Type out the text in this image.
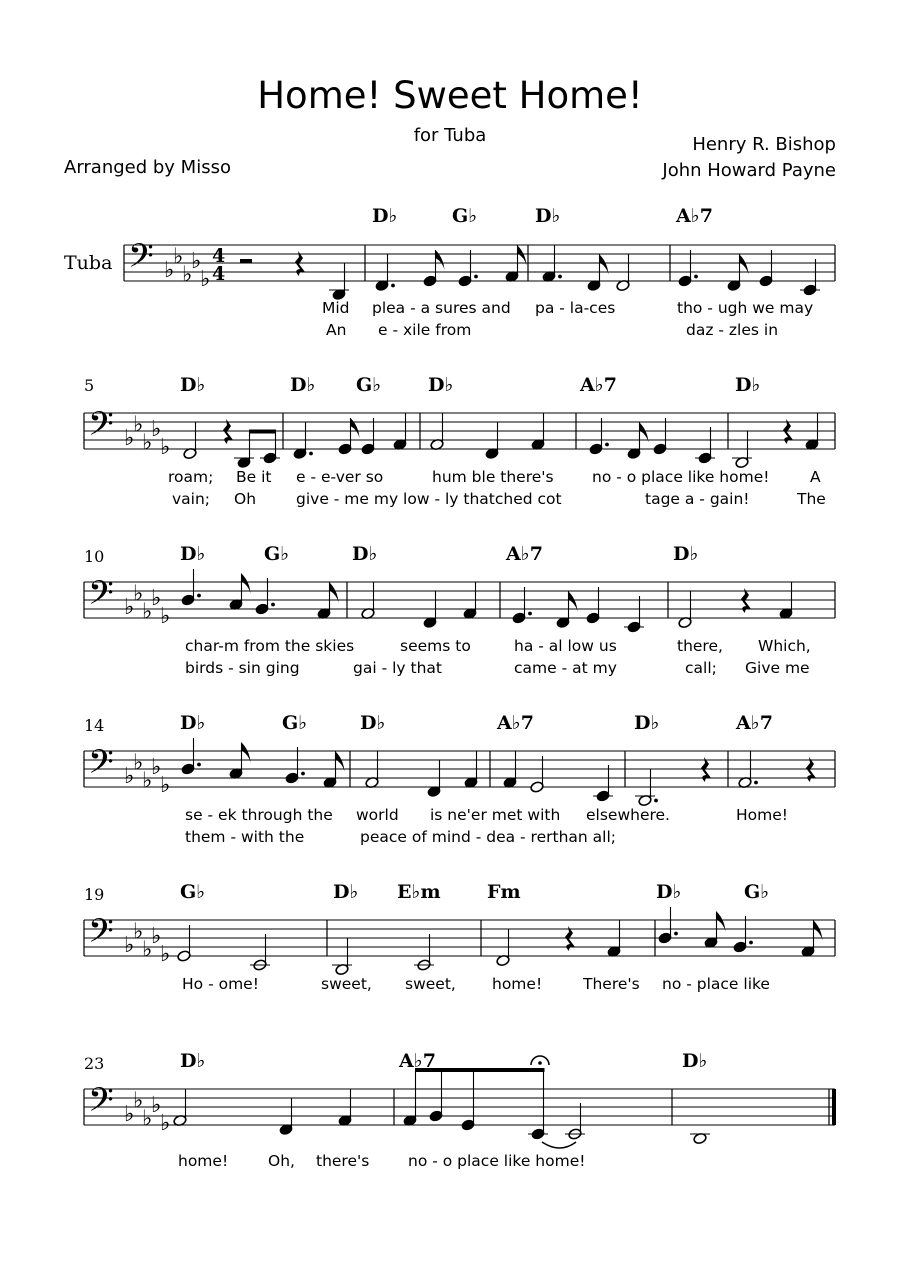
Home! Sweet Home!
for Tuba	Henry R. Bishop
John Howard Payne
Arranged by Misso
𝄢 ♭
♭
♭
♭
♭
4
4
𝄢 ♭
♭
♭
♭
♭
𝄢 ♭
♭
♭
♭
♭
𝄢 ♭
♭
♭
♭
♭
𝄢 ♭
♭
♭
♭
♭
𝄢 ♭
♭
♭
♭
♭
Tuba
D♭	G♭	D♭	A♭7
Mid plea - a sures and pa - la-ces	tho - ugh we may
An e - xile from	daz - zles in
5	D♭	D♭ G♭ D♭	A♭7	D♭
roam; Be it e - e-ver so	hum ble there's no - o place like home!	A
vain; Oh	give - me my low - ly thatched cot	tage a - gain!	The
10	D♭	G♭	D♭	A♭7	D♭
char-m from the skies	seems to	ha - al low us	there, Which,
birds - sin ging	gai - ly that	came - at my	call; Give me
14	D♭	G♭	D♭	A♭7	D♭	A♭7
se - ek through the world is ne'er met with elsewhere.	Home!
them - with the	peace of mind - dea - rerthan all;
19	G♭	D♭ E♭m Fm	D♭	G♭
Ho - ome!	sweet, sweet, home!	There's no - place like
23	D♭	A♭7	D♭
home!	Oh, there's no - o place like home!
